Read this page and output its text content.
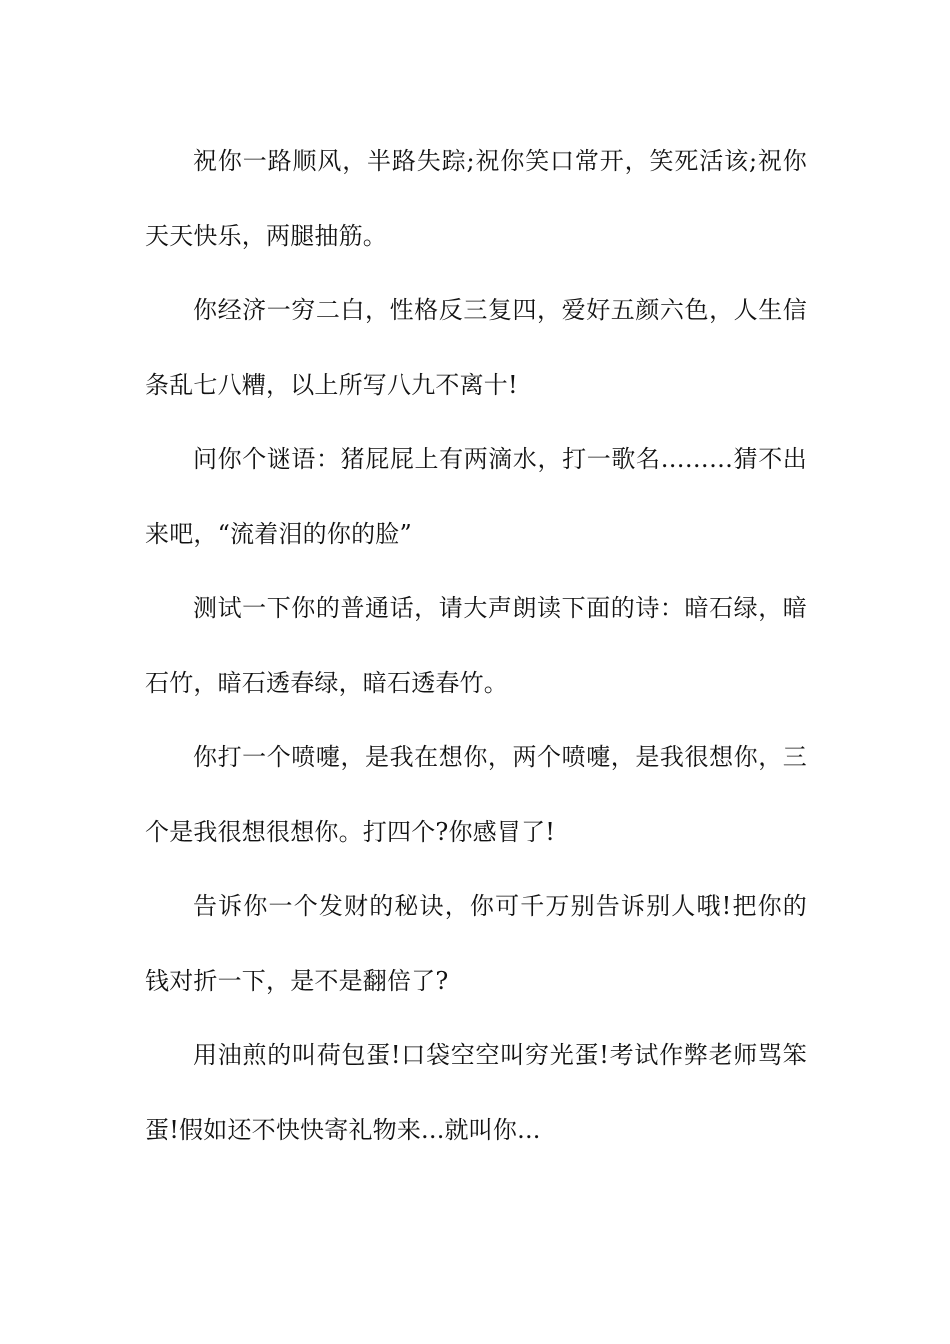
祝你一路顺风，半路失踪;祝你笑口常开，笑死活该;祝你天天快乐，两腿抽筋。

你经济一穷二白，性格反三复四，爱好五颜六色，人生信条乱七八糟，以上所写八九不离十!

问你个谜语：猪屁屁上有两滴水，打一歌名………猜不出来吧，“流着泪的你的脸”

测试一下你的普通话，请大声朗读下面的诗：暗石绿，暗石竹，暗石透春绿，暗石透春竹。

你打一个喷嚏，是我在想你，两个喷嚏，是我很想你，三个是我很想很想你。打四个?你感冒了!

告诉你一个发财的秘诀，你可千万别告诉别人哦!把你的钱对折一下，是不是翻倍了?

用油煎的叫荷包蛋!口袋空空叫穷光蛋!考试作弊老师骂笨蛋!假如还不快快寄礼物来...就叫你...
